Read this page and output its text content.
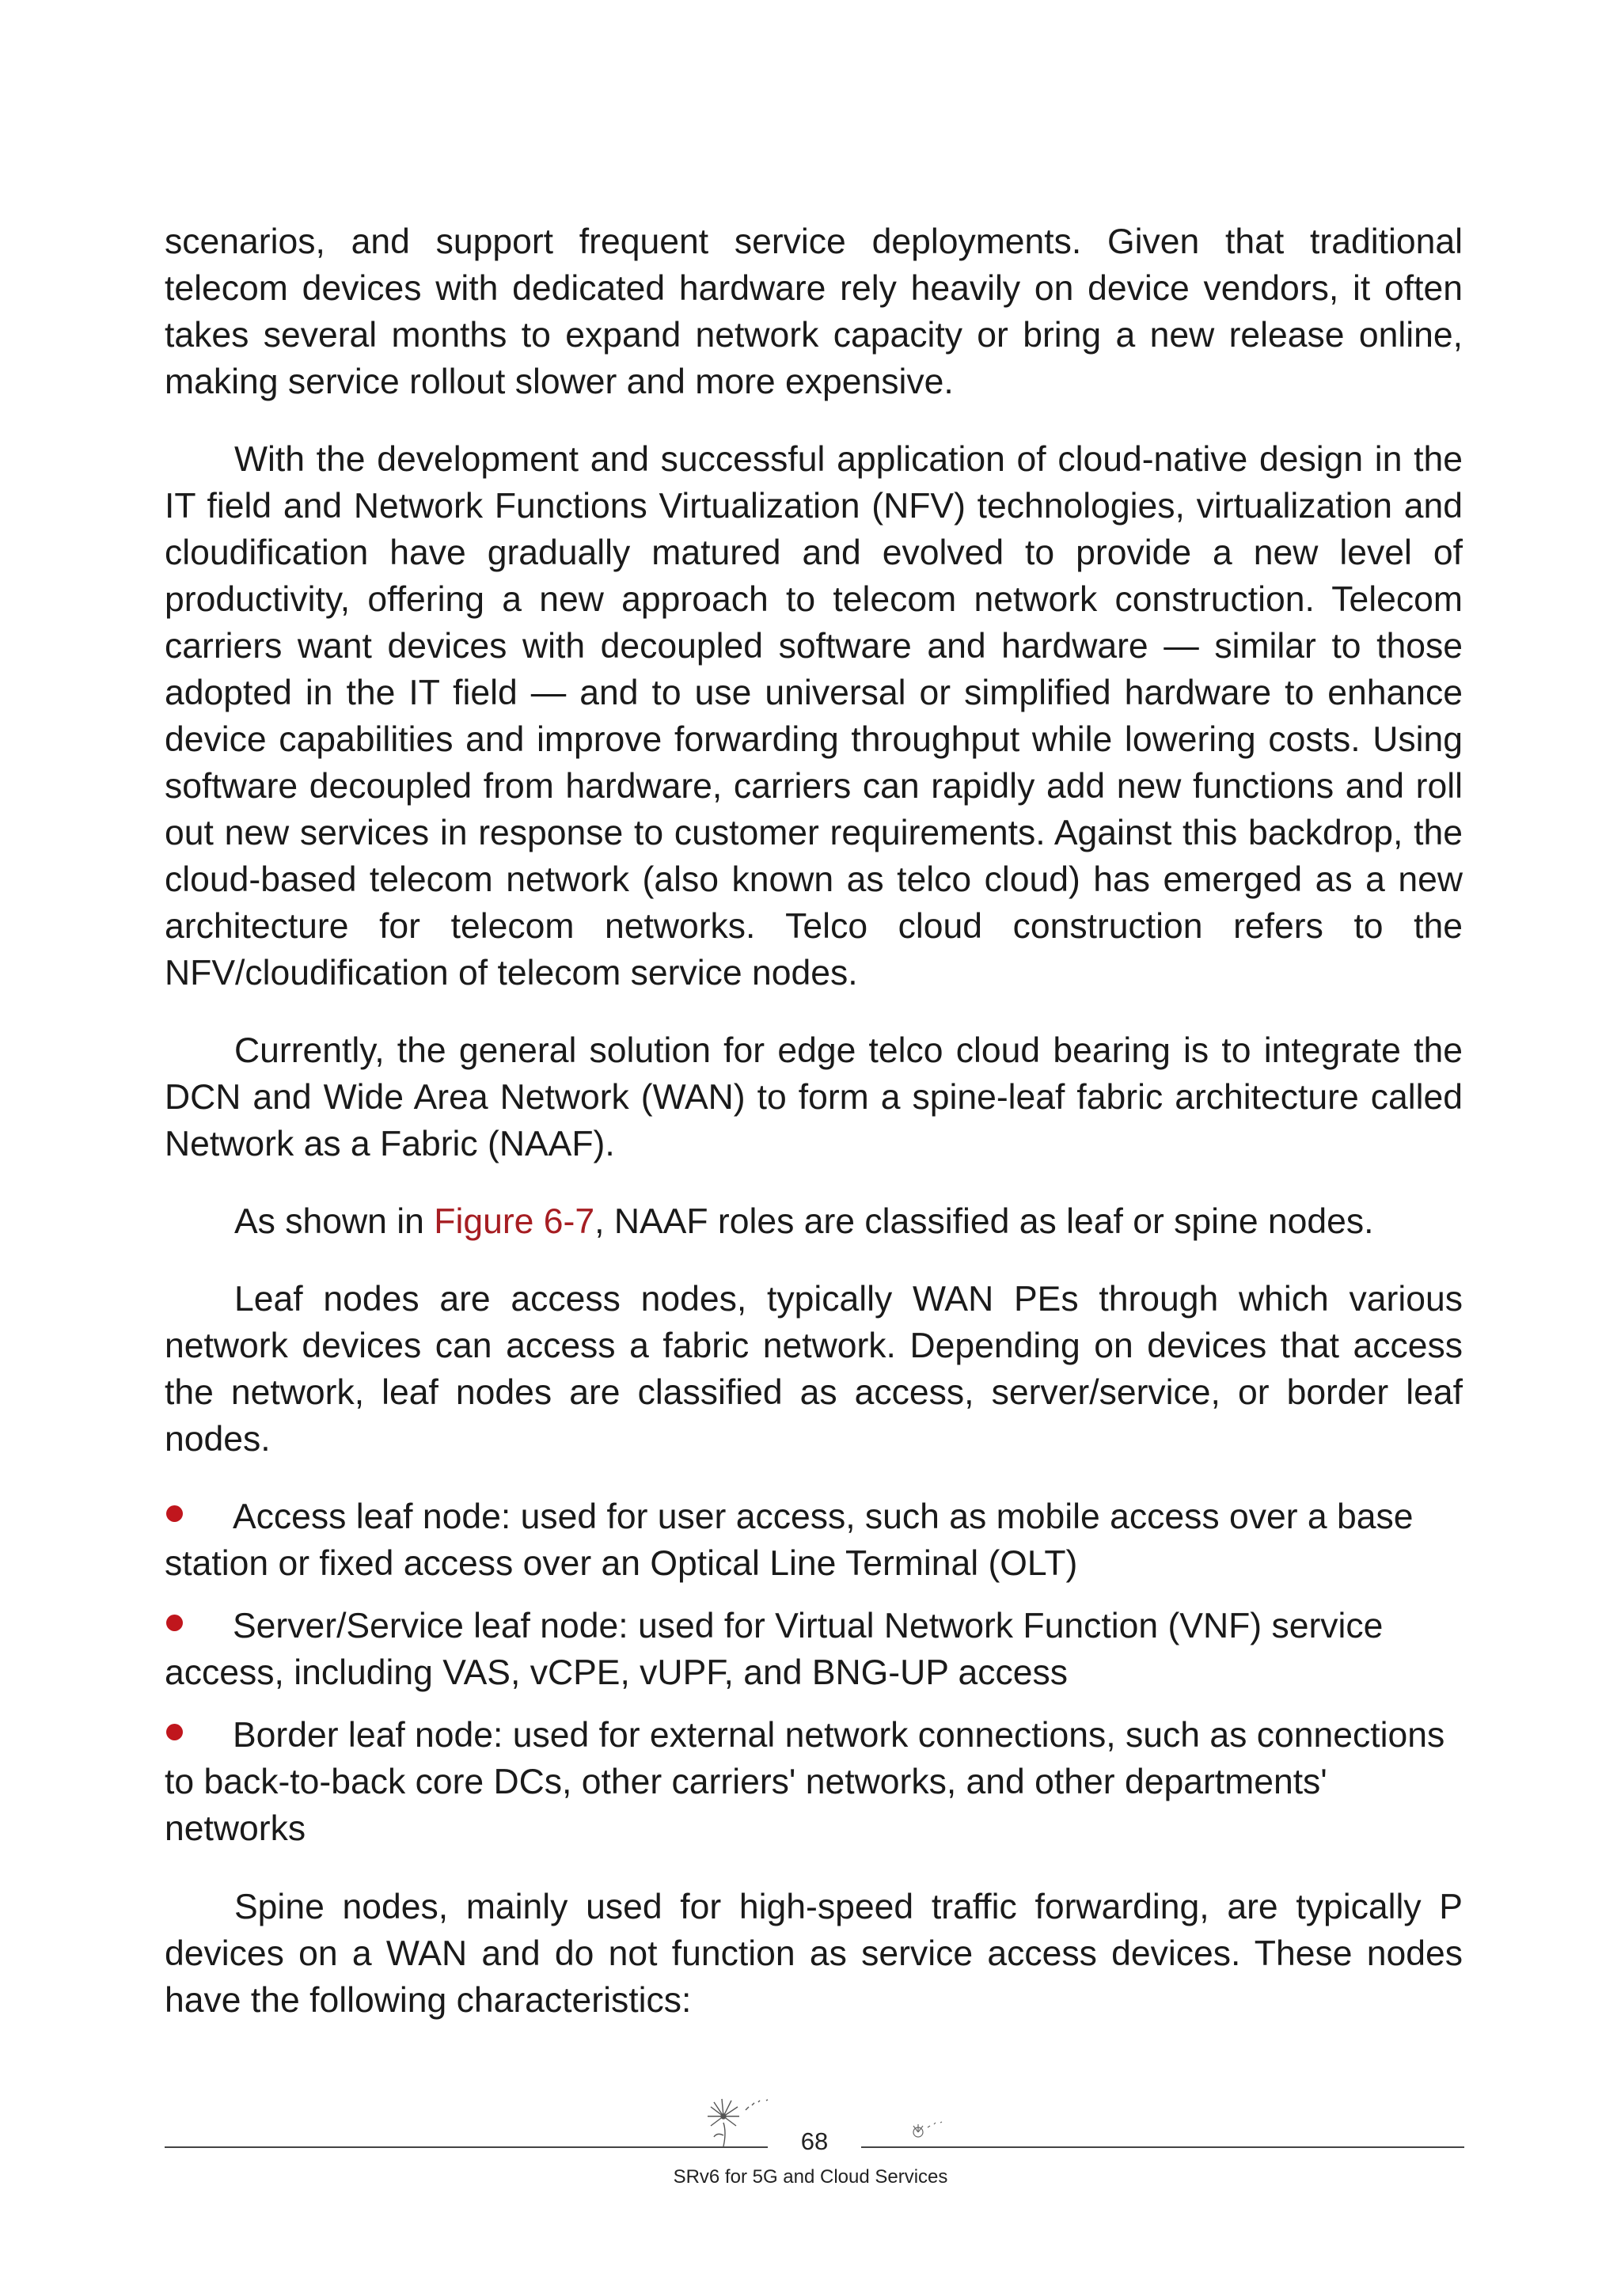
scenarios, and support frequent service deployments. Given that traditional telecom devices with dedicated hardware rely heavily on device vendors, it often takes several months to expand network capacity or bring a new release online, making service rollout slower and more expensive.

With the development and successful application of cloud-native design in the IT field and Network Functions Virtualization (NFV) technologies, virtualization and cloudification have gradually matured and evolved to provide a new level of productivity, offering a new approach to telecom network construction. Telecom carriers want devices with decoupled software and hardware — similar to those adopted in the IT field — and to use universal or simplified hardware to enhance device capabilities and improve forwarding throughput while lowering costs. Using software decoupled from hardware, carriers can rapidly add new functions and roll out new services in response to customer requirements. Against this backdrop, the cloud-based telecom network (also known as telco cloud) has emerged as a new architecture for telecom networks. Telco cloud construction refers to the NFV/cloudification of telecom service nodes.

Currently, the general solution for edge telco cloud bearing is to integrate the DCN and Wide Area Network (WAN) to form a spine-leaf fabric architecture called Network as a Fabric (NAAF).

As shown in Figure 6-7, NAAF roles are classified as leaf or spine nodes.

Leaf nodes are access nodes, typically WAN PEs through which various network devices can access a fabric network. Depending on devices that access the network, leaf nodes are classified as access, server/service, or border leaf nodes.

Access leaf node: used for user access, such as mobile access over a base station or fixed access over an Optical Line Terminal (OLT)

Server/Service leaf node: used for Virtual Network Function (VNF) service access, including VAS, vCPE, vUPF, and BNG-UP access

Border leaf node: used for external network connections, such as connections to back-to-back core DCs, other carriers' networks, and other departments' networks

Spine nodes, mainly used for high-speed traffic forwarding, are typically P devices on a WAN and do not function as service access devices. These nodes have the following characteristics:

68
SRv6 for 5G and Cloud Services
